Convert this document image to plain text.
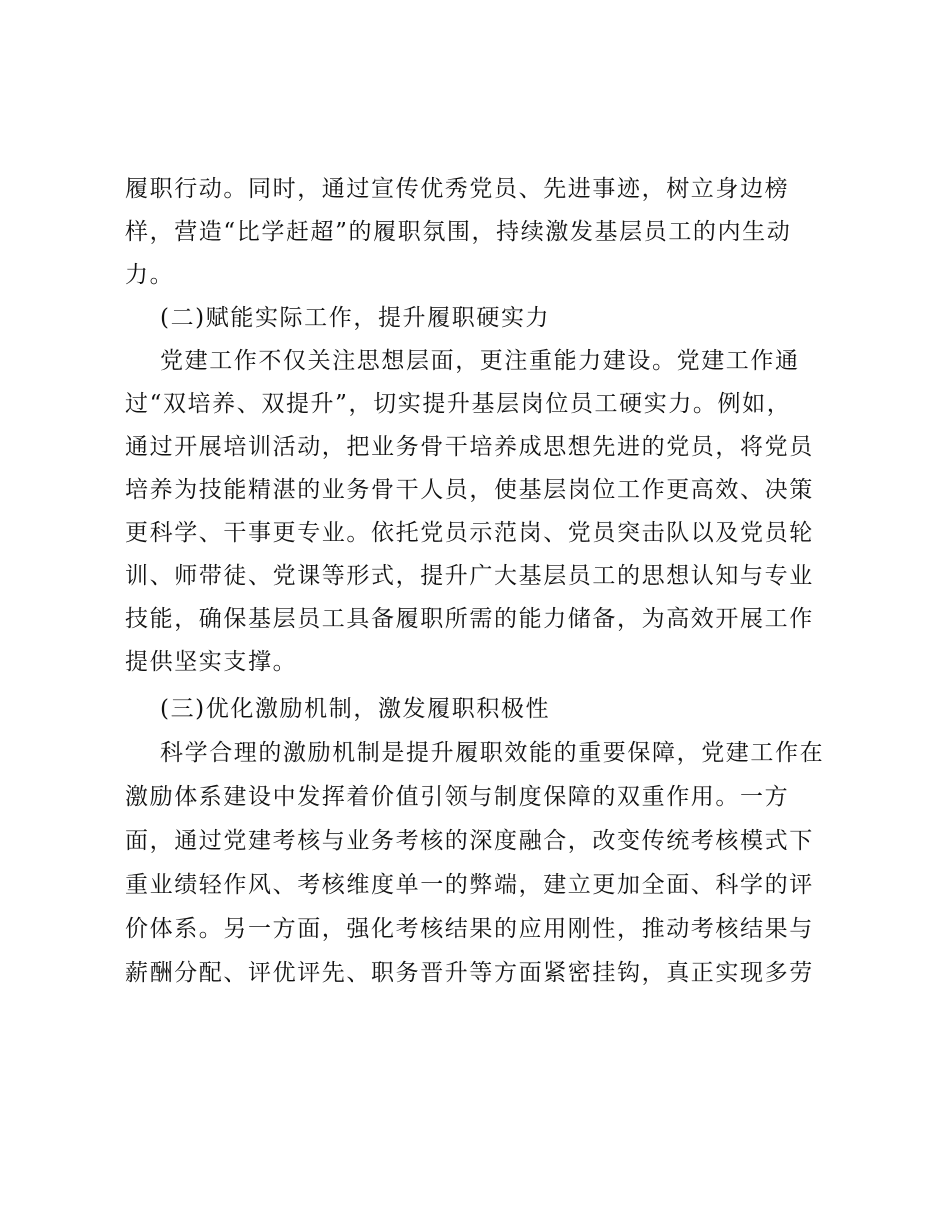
履职行动。同时，通过宣传优秀党员、先进事迹，树立身边榜
样，营造“比学赶超”的履职氛围，持续激发基层员工的内生动
力。
(二)赋能实际工作，提升履职硬实力
党建工作不仅关注思想层面，更注重能力建设。党建工作通
过“双培养、双提升”，切实提升基层岗位员工硬实力。例如，
通过开展培训活动，把业务骨干培养成思想先进的党员，将党员
培养为技能精湛的业务骨干人员，使基层岗位工作更高效、决策
更科学、干事更专业。依托党员示范岗、党员突击队以及党员轮
训、师带徒、党课等形式，提升广大基层员工的思想认知与专业
技能，确保基层员工具备履职所需的能力储备，为高效开展工作
提供坚实支撑。
(三)优化激励机制，激发履职积极性
科学合理的激励机制是提升履职效能的重要保障，党建工作在
激励体系建设中发挥着价值引领与制度保障的双重作用。一方
面，通过党建考核与业务考核的深度融合，改变传统考核模式下
重业绩轻作风、考核维度单一的弊端，建立更加全面、科学的评
价体系。另一方面，强化考核结果的应用刚性，推动考核结果与
薪酬分配、评优评先、职务晋升等方面紧密挂钩，真正实现多劳
